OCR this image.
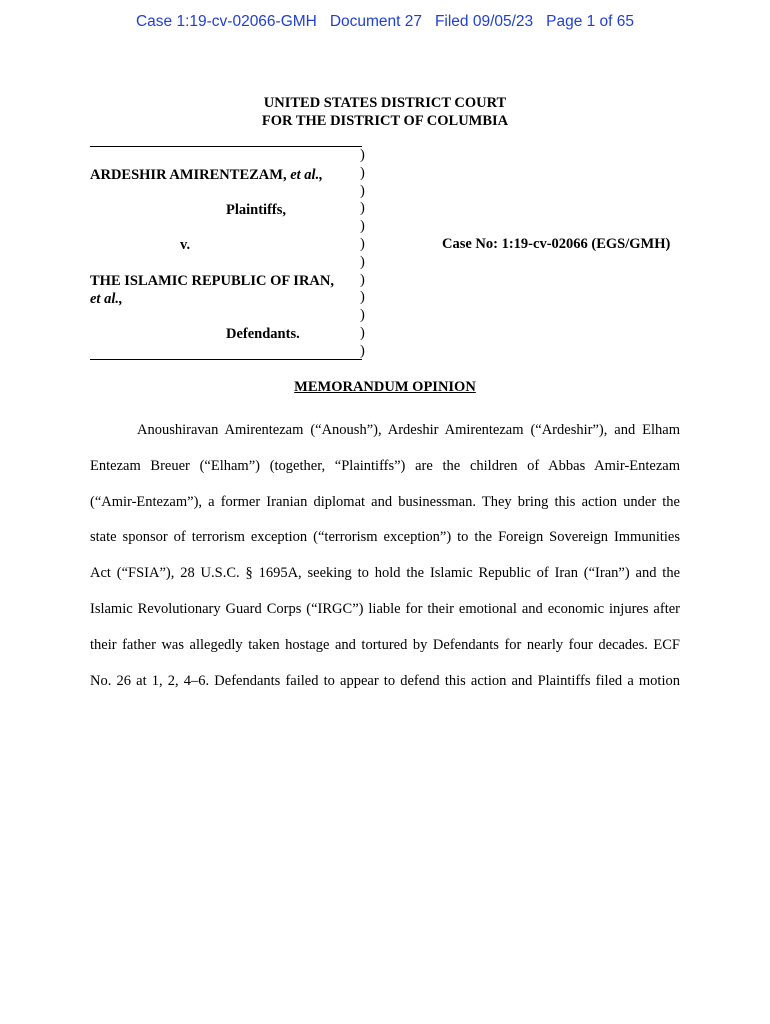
Case 1:19-cv-02066-GMH Document 27 Filed 09/05/23 Page 1 of 65
UNITED STATES DISTRICT COURT
FOR THE DISTRICT OF COLUMBIA
)
)
)
)
)
)
)
)
)
)
)
)
ARDESHIR AMIRENTEZAM, et al.,
Plaintiffs,
v.
THE ISLAMIC REPUBLIC OF IRAN,
et al.,
Defendants.
Case No: 1:19-cv-02066 (EGS/GMH)
MEMORANDUM OPINION
Anoushiravan Amirentezam (“Anoush”), Ardeshir Amirentezam (“Ardeshir”), and Elham
Entezam Breuer (“Elham”) (together, “Plaintiffs”) are the children of Abbas Amir-Entezam
(“Amir-Entezam”), a former Iranian diplomat and businessman. They bring this action under the
state sponsor of terrorism exception (“terrorism exception”) to the Foreign Sovereign Immunities
Act (“FSIA”), 28 U.S.C. § 1695A, seeking to hold the Islamic Republic of Iran (“Iran”) and the
Islamic Revolutionary Guard Corps (“IRGC”) liable for their emotional and economic injures after
their father was allegedly taken hostage and tortured by Defendants for nearly four decades. ECF
No. 26 at 1, 2, 4–6. Defendants failed to appear to defend this action and Plaintiffs filed a motion
